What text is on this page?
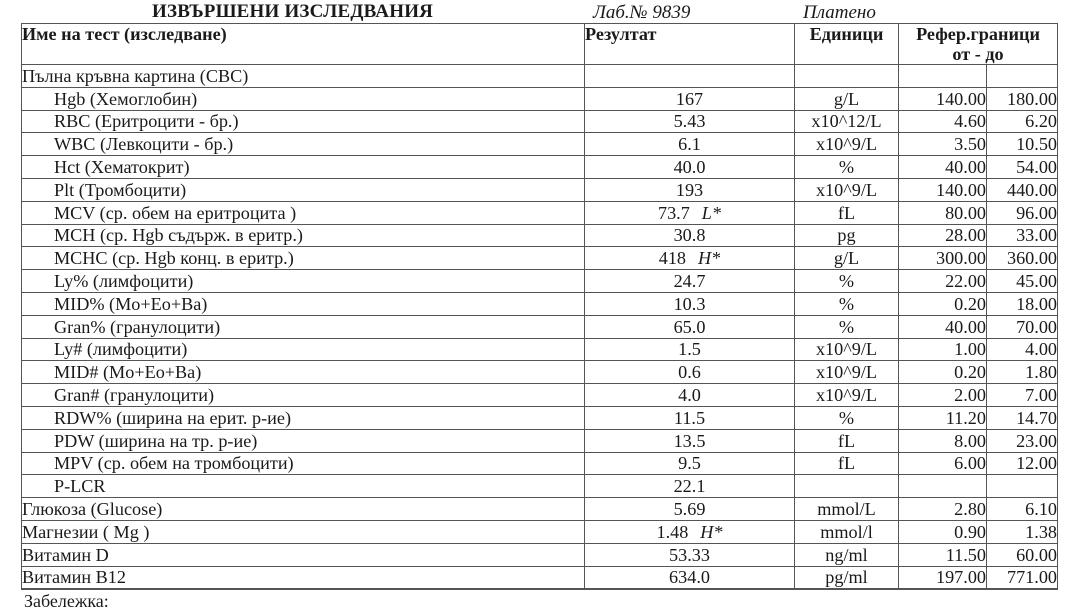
ИЗВЪРШЕНИ ИЗСЛЕДВАНИЯ	Лаб.№ 9839	Платено
Име на тест (изследване)	Резултат	Единици	Рефер.граници
от - до	

Пълна кръвна картина (CBC)				
Hgb (Хемоглобин)	167	g/L	140.00	180.00
RBC (Еритроцити - бр.)	5.43	x10^12/L	4.60	6.20
WBC (Левкоцити - бр.)	6.1	x10^9/L	3.50	10.50
Hct (Хематокрит)	40.0	%	40.00	54.00
Plt (Тромбоцити)	193	x10^9/L	140.00	440.00
MCV (ср. обем на еритроцита )	73.7 L*	fL	80.00	96.00
MCH (ср. Hgb съдърж. в еритр.)	30.8	pg	28.00	33.00
MCHC (ср. Hgb конц. в еритр.)	418 H*	g/L	300.00	360.00
Ly% (лимфоцити)	24.7	%	22.00	45.00
MID% (Mo+Eo+Ba)	10.3	%	0.20	18.00
Gran% (гранулоцити)	65.0	%	40.00	70.00
Ly# (лимфоцити)	1.5	x10^9/L	1.00	4.00
MID# (Mo+Eo+Ba)	0.6	x10^9/L	0.20	1.80
Gran# (гранулоцити)	4.0	x10^9/L	2.00	7.00
RDW% (ширина на ерит. р-ие)	11.5	%	11.20	14.70
PDW (ширина на тр. р-ие)	13.5	fL	8.00	23.00
MPV (ср. обем на тромбоцити)	9.5	fL	6.00	12.00
P-LCR	22.1			
Глюкоза (Glucose)	5.69	mmol/L	2.80	6.10
Магнезии ( Mg )	1.48 H*	mmol/l	0.90	1.38
Витамин D	53.33	ng/ml	11.50	60.00
Витамин B12	634.0	pg/ml	197.00	771.00
Забележка:
